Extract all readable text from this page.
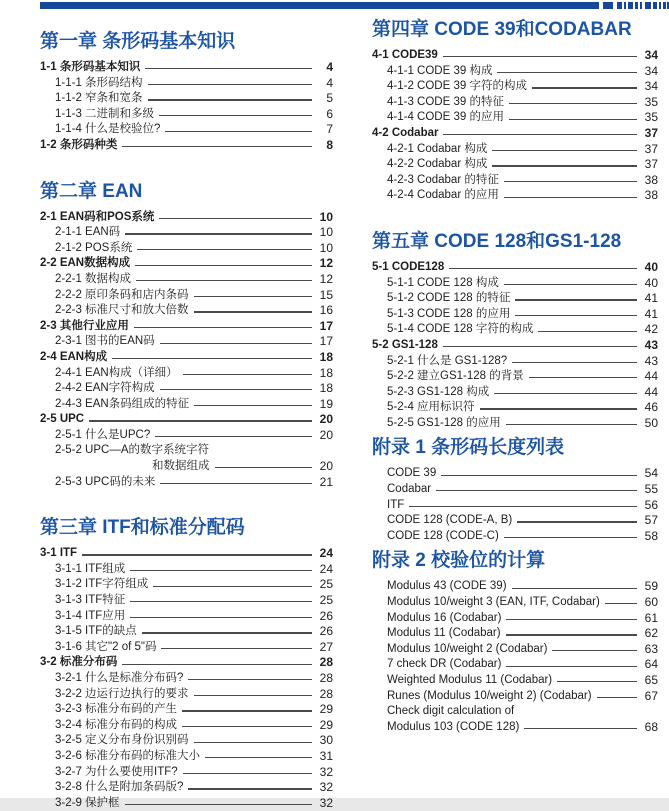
第一章 条形码基本知识
1-1 条形码基本知识	4
1-1-1 条形码结构	4
1-1-2 窄条和宽条	5
1-1-3 二进制和多级	6
1-1-4 什么是校验位?	7
1-2 条形码种类	8
第二章 EAN
2-1 EAN码和POS系统	10
2-1-1 EAN码	10
2-1-2 POS系统	10
2-2 EAN数据构成	12
2-2-1 数据构成	12
2-2-2 原印条码和店内条码	15
2-2-3 标准尺寸和放大倍数	16
2-3 其他行业应用	17
2-3-1 图书的EAN码	17
2-4 EAN构成	18
2-4-1 EAN构成（详细）	18
2-4-2 EAN字符构成	18
2-4-3 EAN条码组成的特征	19
2-5 UPC	20
2-5-1 什么是UPC?	20
2-5-2 UPC—A的数字系统字符
和数据组成	20
2-5-3 UPC码的未来	21
第三章 ITF和标准分配码
3-1 ITF	24
3-1-1 ITF组成	24
3-1-2 ITF字符组成	25
3-1-3 ITF特征	25
3-1-4 ITF应用	26
3-1-5 ITF的缺点	26
3-1-6 其它"2 of 5"码	27
3-2 标准分布码	28
3-2-1 什么是标准分布码?	28
3-2-2 边运行边执行的要求	28
3-2-3 标准分布码的产生	29
3-2-4 标准分布码的构成	29
3-2-5 定义分布身份识别码	30
3-2-6 标准分布码的标准大小	31
3-2-7 为什么要使用ITF?	32
3-2-8 什么是附加条码版?	32
3-2-9 保护框	32
第四章 CODE 39和CODABAR
4-1 CODE39	34
4-1-1 CODE 39 构成	34
4-1-2 CODE 39 字符的构成	34
4-1-3 CODE 39 的特征	35
4-1-4 CODE 39 的应用	35
4-2 Codabar	37
4-2-1 Codabar 构成	37
4-2-2 Codabar 构成	37
4-2-3 Codabar 的特征	38
4-2-4 Codabar 的应用	38
第五章 CODE 128和GS1-128
5-1 CODE128	40
5-1-1 CODE 128 构成	40
5-1-2 CODE 128 的特征	41
5-1-3 CODE 128 的应用	41
5-1-4 CODE 128 字符的构成	42
5-2 GS1-128	43
5-2-1 什么是 GS1-128?	43
5-2-2 建立GS1-128 的背景	44
5-2-3 GS1-128 构成	44
5-2-4 应用标识符	46
5-2-5 GS1-128 的应用	50
附录 1 条形码长度列表
CODE 39	54
Codabar	55
ITF	56
CODE 128 (CODE-A, B)	57
CODE 128 (CODE-C)	58
附录 2 校验位的计算
Modulus 43 (CODE 39)	59
Modulus 10/weight 3 (EAN, ITF, Codabar)	60
Modulus 16 (Codabar)	61
Modulus 11 (Codabar)	62
Modulus 10/weight 2 (Codabar)	63
7 check DR (Codabar)	64
Weighted Modulus 11 (Codabar)	65
Runes (Modulus 10/weight 2) (Codabar)	67
Check digit calculation of
Modulus 103 (CODE 128)	68
